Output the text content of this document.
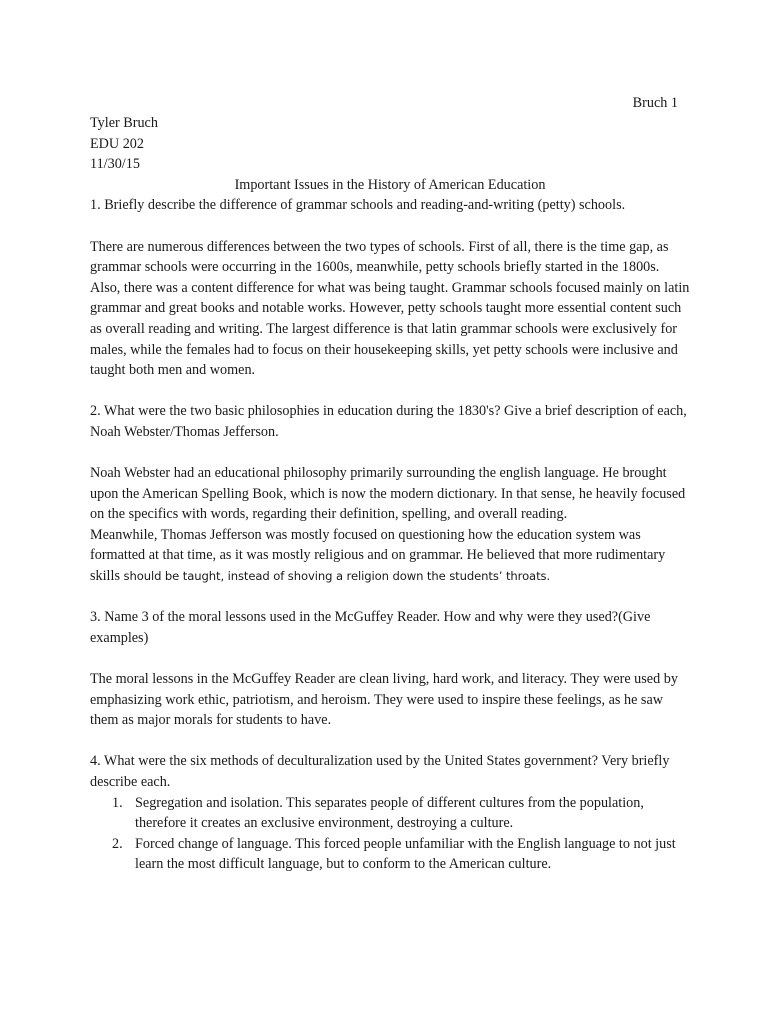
Bruch 1

Tyler Bruch

EDU 202

11/30/15

Important Issues in the History of American Education

1. Briefly describe the difference of grammar schools and reading-and-writing (petty) schools.

There are numerous differences between the two types of schools. First of all, there is the time gap, as grammar schools were occurring in the 1600s, meanwhile, petty schools briefly started in the 1800s. Also, there was a content difference for what was being taught. Grammar schools focused mainly on latin grammar and great books and notable works. However, petty schools taught more essential content such as overall reading and writing. The largest difference is that latin grammar schools were exclusively for males, while the females had to focus on their housekeeping skills, yet petty schools were inclusive and taught both men and women.

2. What were the two basic philosophies in education during the 1830's? Give a brief description of each, Noah Webster/Thomas Jefferson.

Noah Webster had an educational philosophy primarily surrounding the english language. He brought upon the American Spelling Book, which is now the modern dictionary. In that sense, he heavily focused on the specifics with words, regarding their definition, spelling, and overall reading.

Meanwhile, Thomas Jefferson was mostly focused on questioning how the education system was formatted at that time, as it was mostly religious and on grammar. He believed that more rudimentary skills should be taught, instead of shoving a religion down the students’ throats.

3. Name 3 of the moral lessons used in the McGuffey Reader. How and why were they used?(Give examples)

The moral lessons in the McGuffey Reader are clean living, hard work, and literacy. They were used by emphasizing work ethic, patriotism, and heroism. They were used to inspire these feelings, as he saw them as major morals for students to have.

4. What were the six methods of deculturalization used by the United States government? Very briefly describe each.

1. Segregation and isolation. This separates people of different cultures from the population, therefore it creates an exclusive environment, destroying a culture.
2. Forced change of language. This forced people unfamiliar with the English language to not just learn the most difficult language, but to conform to the American culture.
